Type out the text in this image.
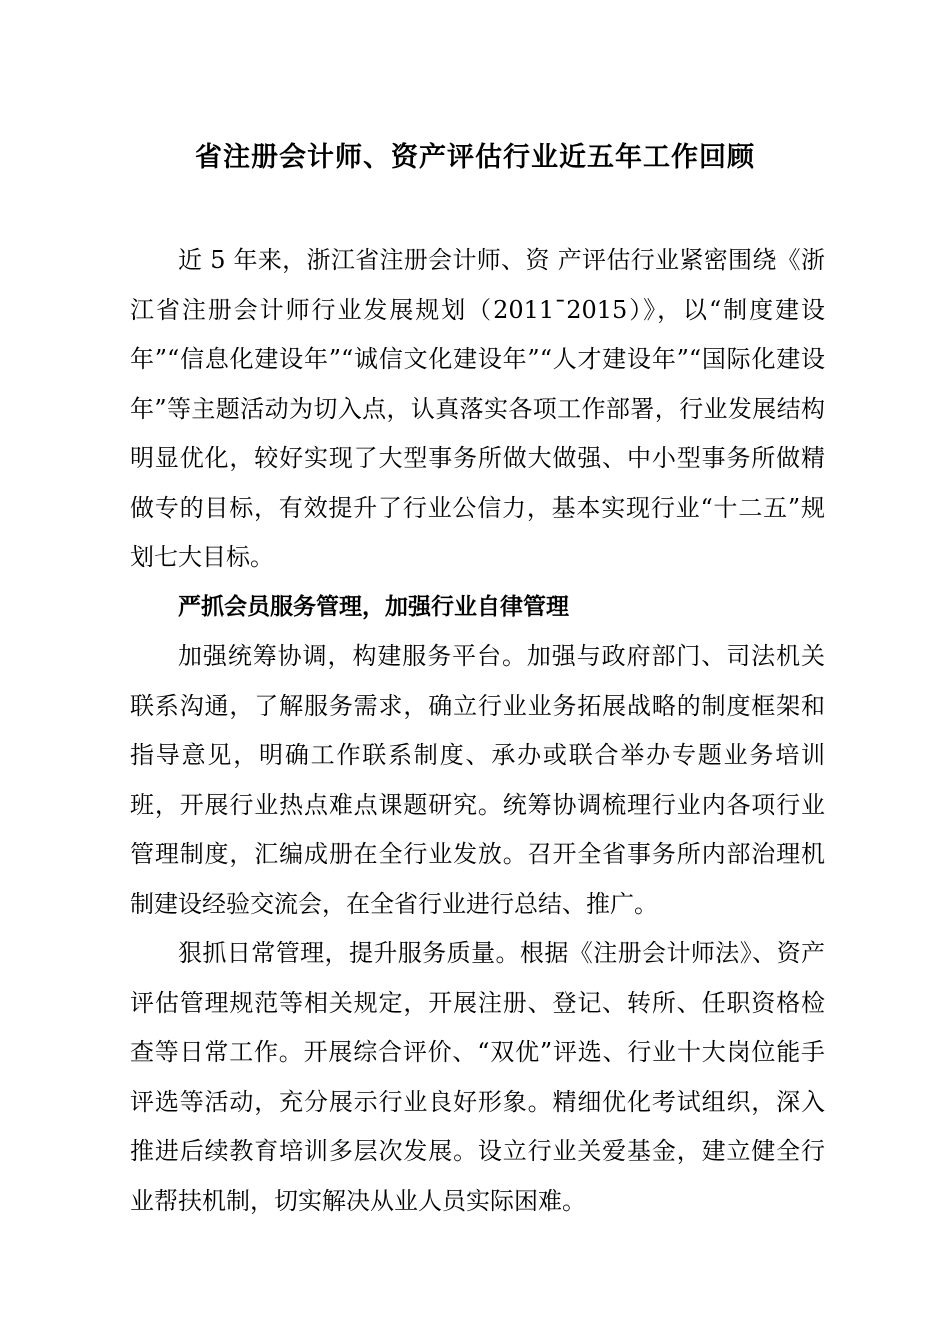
省注册会计师、资产评估行业近五年工作回顾

近 5 年来，浙江省注册会计师、资 产评估行业紧密围绕《浙江省注册会计师行业发展规划（2011¯2015）》，以“制度建设年”“信息化建设年”“诚信文化建设年”“人才建设年”“国际化建设年”等主题活动为切入点，认真落实各项工作部署，行业发展结构明显优化，较好实现了大型事务所做大做强、中小型事务所做精做专的目标，有效提升了行业公信力，基本实现行业“十二五”规划七大目标。

严抓会员服务管理，加强行业自律管理

加强统筹协调，构建服务平台。加强与政府部门、司法机关联系沟通，了解服务需求，确立行业业务拓展战略的制度框架和指导意见，明确工作联系制度、承办或联合举办专题业务培训班，开展行业热点难点课题研究。统筹协调梳理行业内各项行业管理制度，汇编成册在全行业发放。召开全省事务所内部治理机制建设经验交流会，在全省行业进行总结、推广。

狠抓日常管理，提升服务质量。根据《注册会计师法》、资产评估管理规范等相关规定，开展注册、登记、转所、任职资格检查等日常工作。开展综合评价、“双优”评选、行业十大岗位能手评选等活动，充分展示行业良好形象。精细优化考试组织，深入推进后续教育培训多层次发展。设立行业关爱基金，建立健全行业帮扶机制，切实解决从业人员实际困难。
